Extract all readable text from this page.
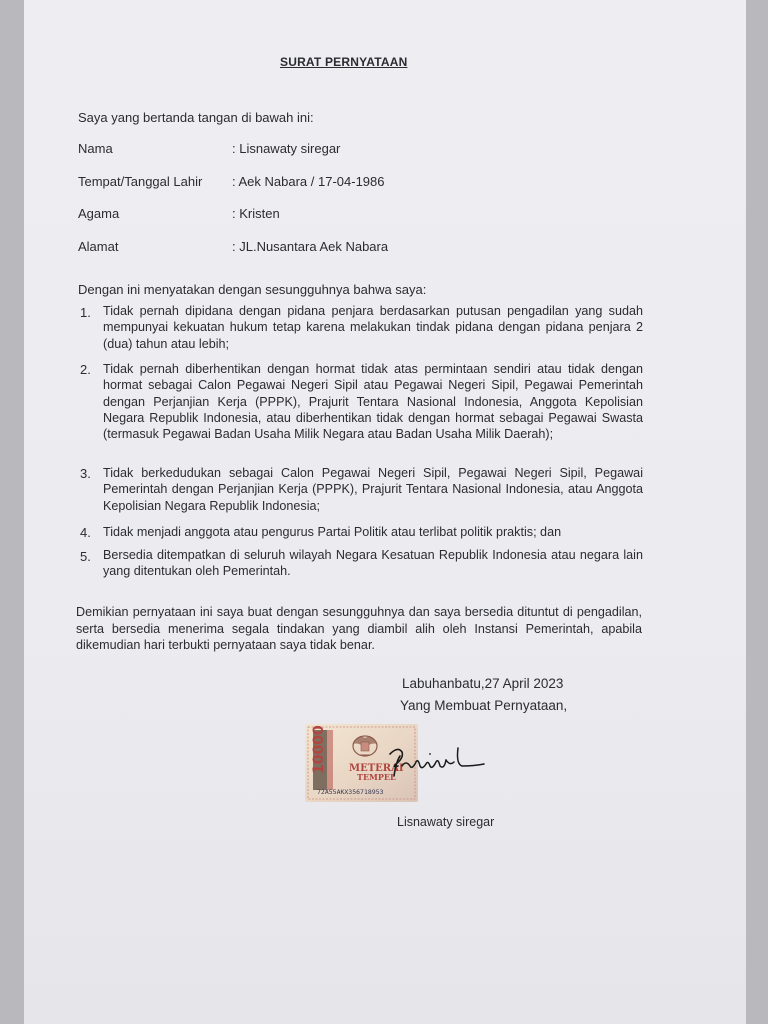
SURAT PERNYATAAN
Saya yang bertanda tangan di bawah ini:
Nama	: Lisnawaty siregar
Tempat/Tanggal Lahir : Aek Nabara / 17-04-1986
Agama	: Kristen
Alamat	: JL.Nusantara Aek Nabara
Dengan ini menyatakan dengan sesungguhnya bahwa saya:
1. Tidak pernah dipidana dengan pidana penjara berdasarkan putusan pengadilan yang sudah mempunyai kekuatan hukum tetap karena melakukan tindak pidana dengan pidana penjara 2 (dua) tahun atau lebih;
2. Tidak pernah diberhentikan dengan hormat tidak atas permintaan sendiri atau tidak dengan hormat sebagai Calon Pegawai Negeri Sipil atau Pegawai Negeri Sipil, Pegawai Pemerintah dengan Perjanjian Kerja (PPPK), Prajurit Tentara Nasional Indonesia, Anggota Kepolisian Negara Republik Indonesia, atau diberhentikan tidak dengan hormat sebagai Pegawai Swasta (termasuk Pegawai Badan Usaha Milik Negara atau Badan Usaha Milik Daerah);
3. Tidak berkedudukan sebagai Calon Pegawai Negeri Sipil, Pegawai Negeri Sipil, Pegawai Pemerintah dengan Perjanjian Kerja (PPPK), Prajurit Tentara Nasional Indonesia, atau Anggota Kepolisian Negara Republik Indonesia;
4. Tidak menjadi anggota atau pengurus Partai Politik atau terlibat politik praktis; dan
5. Bersedia ditempatkan di seluruh wilayah Negara Kesatuan Republik Indonesia atau negara lain yang ditentukan oleh Pemerintah.
Demikian pernyataan ini saya buat dengan sesungguhnya dan saya bersedia dituntut di pengadilan, serta bersedia menerima segala tindakan yang diambil alih oleh Instansi Pemerintah, apabila dikemudian hari terbukti pernyataan saya tidak benar.
Labuhanbatu,27 April 2023
Yang Membuat Pernyataan,
10000 METERAI
TEMPEL
72A55AKX356718953
Lisnawaty siregar
